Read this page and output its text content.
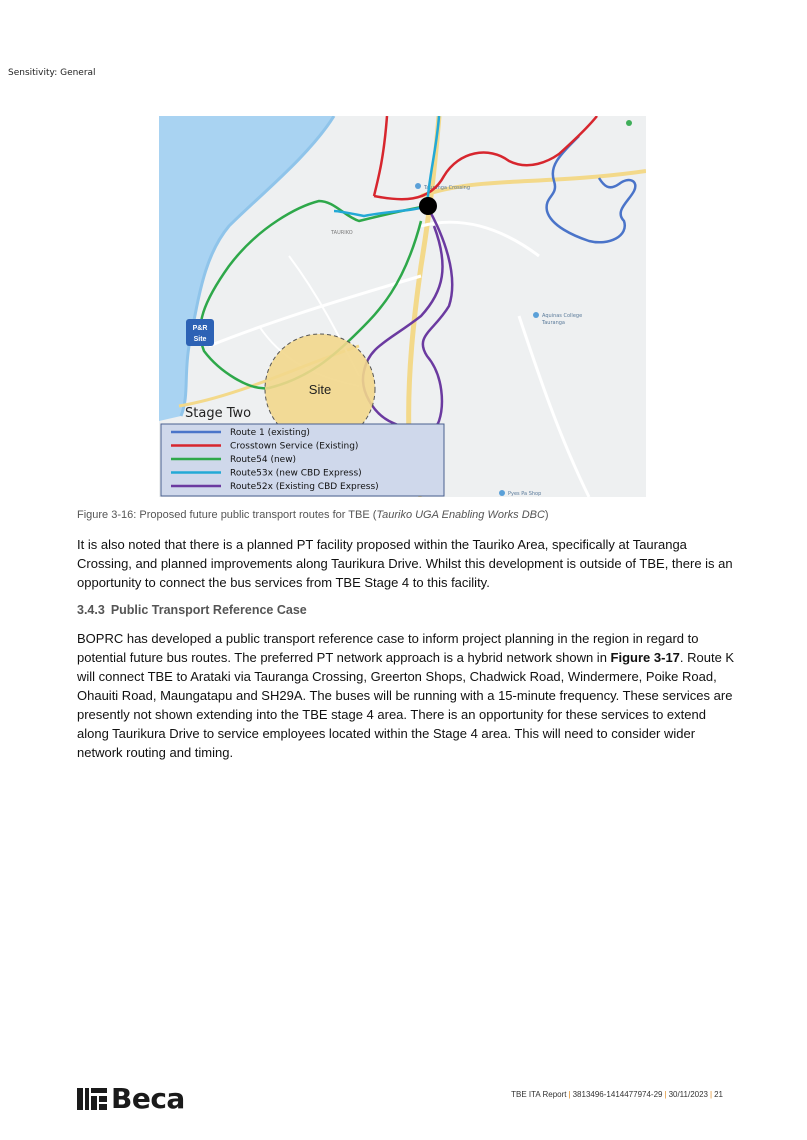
Sensitivity: General
Tauranga Crossing
TAURIKO
Aquinas College
Tauranga
Pyes Pa Shop
P&R
Site
Site
Stage Two
Route 1 (existing)
Crosstown Service (Existing)
Route54 (new)
Route53x (new CBD Express)
Route52x (Existing CBD Express)
Figure 3-16: Proposed future public transport routes for TBE (Tauriko UGA Enabling Works DBC)

It is also noted that there is a planned PT facility proposed within the Tauriko Area, specifically at Tauranga Crossing, and planned improvements along Taurikura Drive. Whilst this development is outside of TBE, there is an opportunity to connect the bus services from TBE Stage 4 to this facility.

3.4.3 Public Transport Reference Case

BOPRC has developed a public transport reference case to inform project planning in the region in regard to potential future bus routes. The preferred PT network approach is a hybrid network shown in Figure 3-17. Route K will connect TBE to Arataki via Tauranga Crossing, Greerton Shops, Chadwick Road, Windermere, Poike Road, Ohauiti Road, Maungatapu and SH29A. The buses will be running with a 15-minute frequency. These services are presently not shown extending into the TBE stage 4 area. There is an opportunity for these services to extend along Taurikura Drive to service employees located within the Stage 4 area. This will need to consider wider network routing and timing.

Beca	TBE ITA Report | 3813496-1414477974-29 | 30/11/2023 | 21
